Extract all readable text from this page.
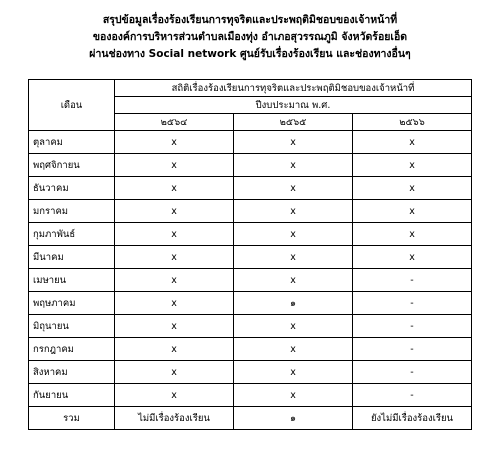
สรุปข้อมูลเรื่องร้องเรียนการทุจริตและประพฤติมิชอบของเจ้าหน้าที่
ขององค์การบริหารส่วนตำบลเมืองทุ่ง อำเภอสุวรรณภูมิ จังหวัดร้อยเอ็ด
ผ่านช่องทาง Social network ศูนย์รับเรื่องร้องเรียน และช่องทางอื่นๆ
เดือน	สถิติเรื่องร้องเรียนการทุจริตและประพฤติมิชอบของเจ้าหน้าที่		
	ปีงบประมาณ พ.ศ.		
	๒๕๖๔	๒๕๖๕	๒๕๖๖
ตุลาคม	x	x	x
พฤศจิกายน	x	x	x
ธันวาคม	x	x	x
มกราคม	x	x	x
กุมภาพันธ์	x	x	x
มีนาคม	x	x	x
เมษายน	x	x	-
พฤษภาคม	x	๑	-
มิถุนายน	x	x	-
กรกฎาคม	x	x	-
สิงหาคม	x	x	-
กันยายน	x	x	-
รวม	ไม่มีเรื่องร้องเรียน	๑	ยังไม่มีเรื่องร้องเรียน
